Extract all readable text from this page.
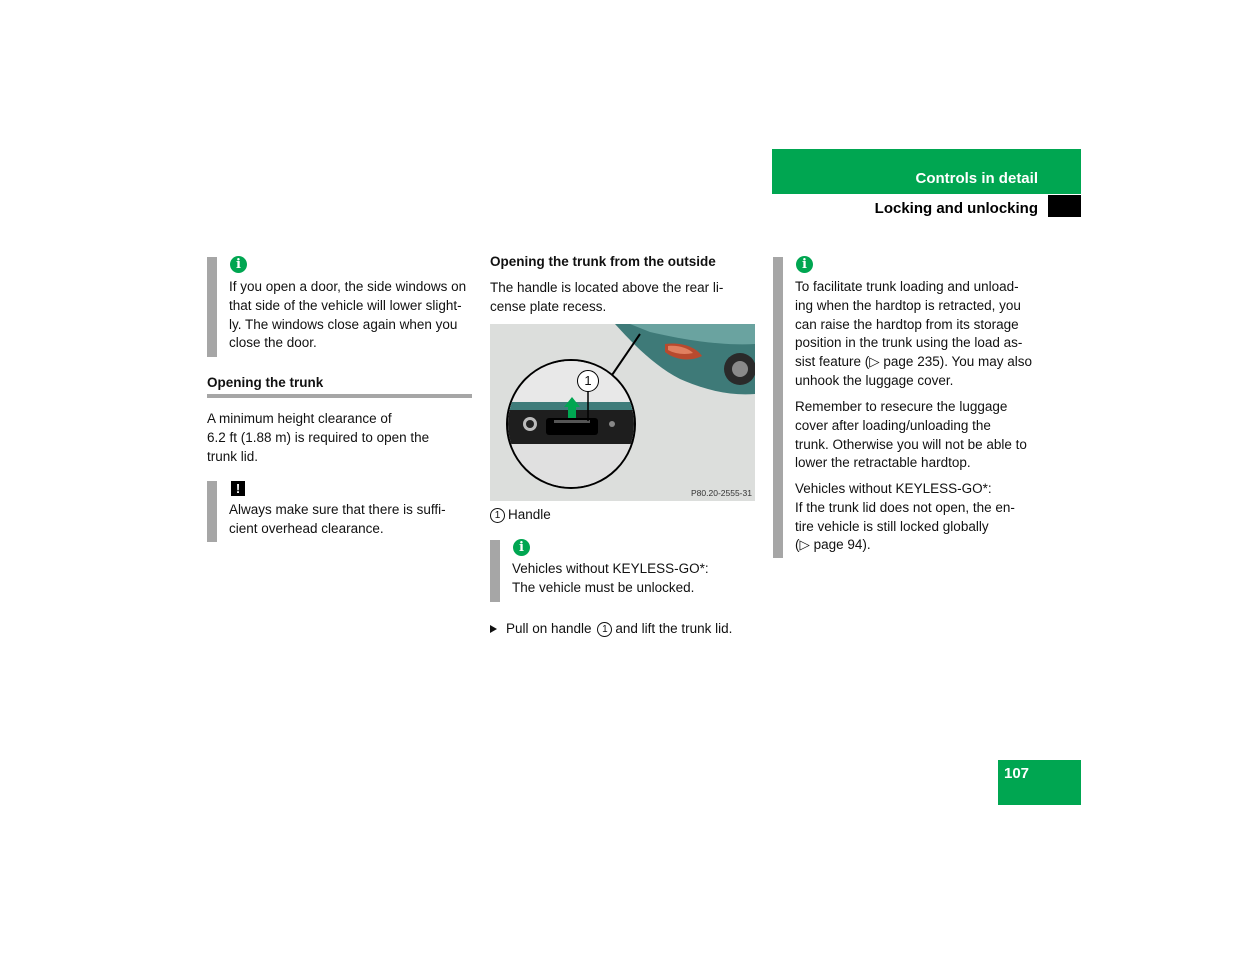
Controls in detail
Locking and unlocking
i
If you open a door, the side windows on
that side of the vehicle will lower slight-
ly. The windows close again when you
close the door.
Opening the trunk
A minimum height clearance of
6.2 ft (1.88 m) is required to open the
trunk lid.
!
Always make sure that there is suffi-
cient overhead clearance.
Opening the trunk from the outside
The handle is located above the rear li-
cense plate recess.
1
P80.20-2555-31
1 Handle
i
Vehicles without KEYLESS-GO*:
The vehicle must be unlocked.
Pull on handle 1 and lift the trunk lid.
i
To facilitate trunk loading and unload-
ing when the hardtop is retracted, you
can raise the hardtop from its storage
position in the trunk using the load as-
sist feature (▷ page 235). You may also
unhook the luggage cover.
Remember to resecure the luggage
cover after loading/unloading the
trunk. Otherwise you will not be able to
lower the retractable hardtop.
Vehicles without KEYLESS-GO*:
If the trunk lid does not open, the en-
tire vehicle is still locked globally
(▷ page 94).
107
